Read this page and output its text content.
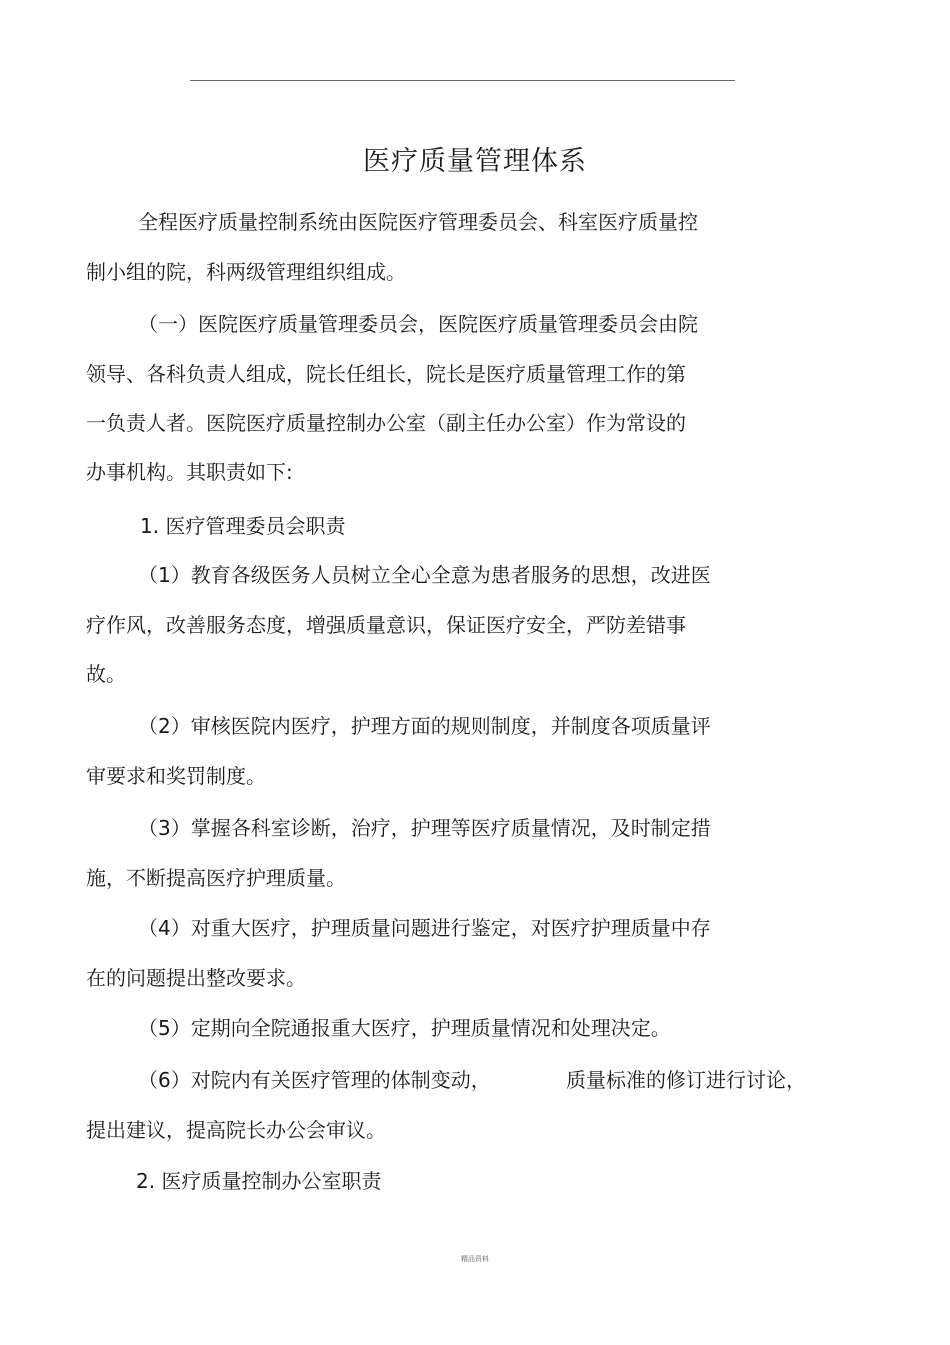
医疗质量管理体系
全程医疗质量控制系统由医院医疗管理委员会、科室医疗质量控
制小组的院，科两级管理组织组成。
（一）医院医疗质量管理委员会，医院医疗质量管理委员会由院
领导、各科负责人组成，院长任组长，院长是医疗质量管理工作的第
一负责人者。医院医疗质量控制办公室（副主任办公室）作为常设的
办事机构。其职责如下:
1. 医疗管理委员会职责
（1）教育各级医务人员树立全心全意为患者服务的思想，改进医
疗作风，改善服务态度，增强质量意识，保证医疗安全，严防差错事
故。
（2）审核医院内医疗，护理方面的规则制度，并制度各项质量评
审要求和奖罚制度。
（3）掌握各科室诊断，治疗，护理等医疗质量情况，及时制定措
施，不断提高医疗护理质量。
（4）对重大医疗，护理质量问题进行鉴定，对医疗护理质量中存
在的问题提出整改要求。
（5）定期向全院通报重大医疗，护理质量情况和处理决定。
（6）对院内有关医疗管理的体制变动，	质量标准的修订进行讨论，
提出建议，提高院长办公会审议。
2. 医疗质量控制办公室职责
精品资料
